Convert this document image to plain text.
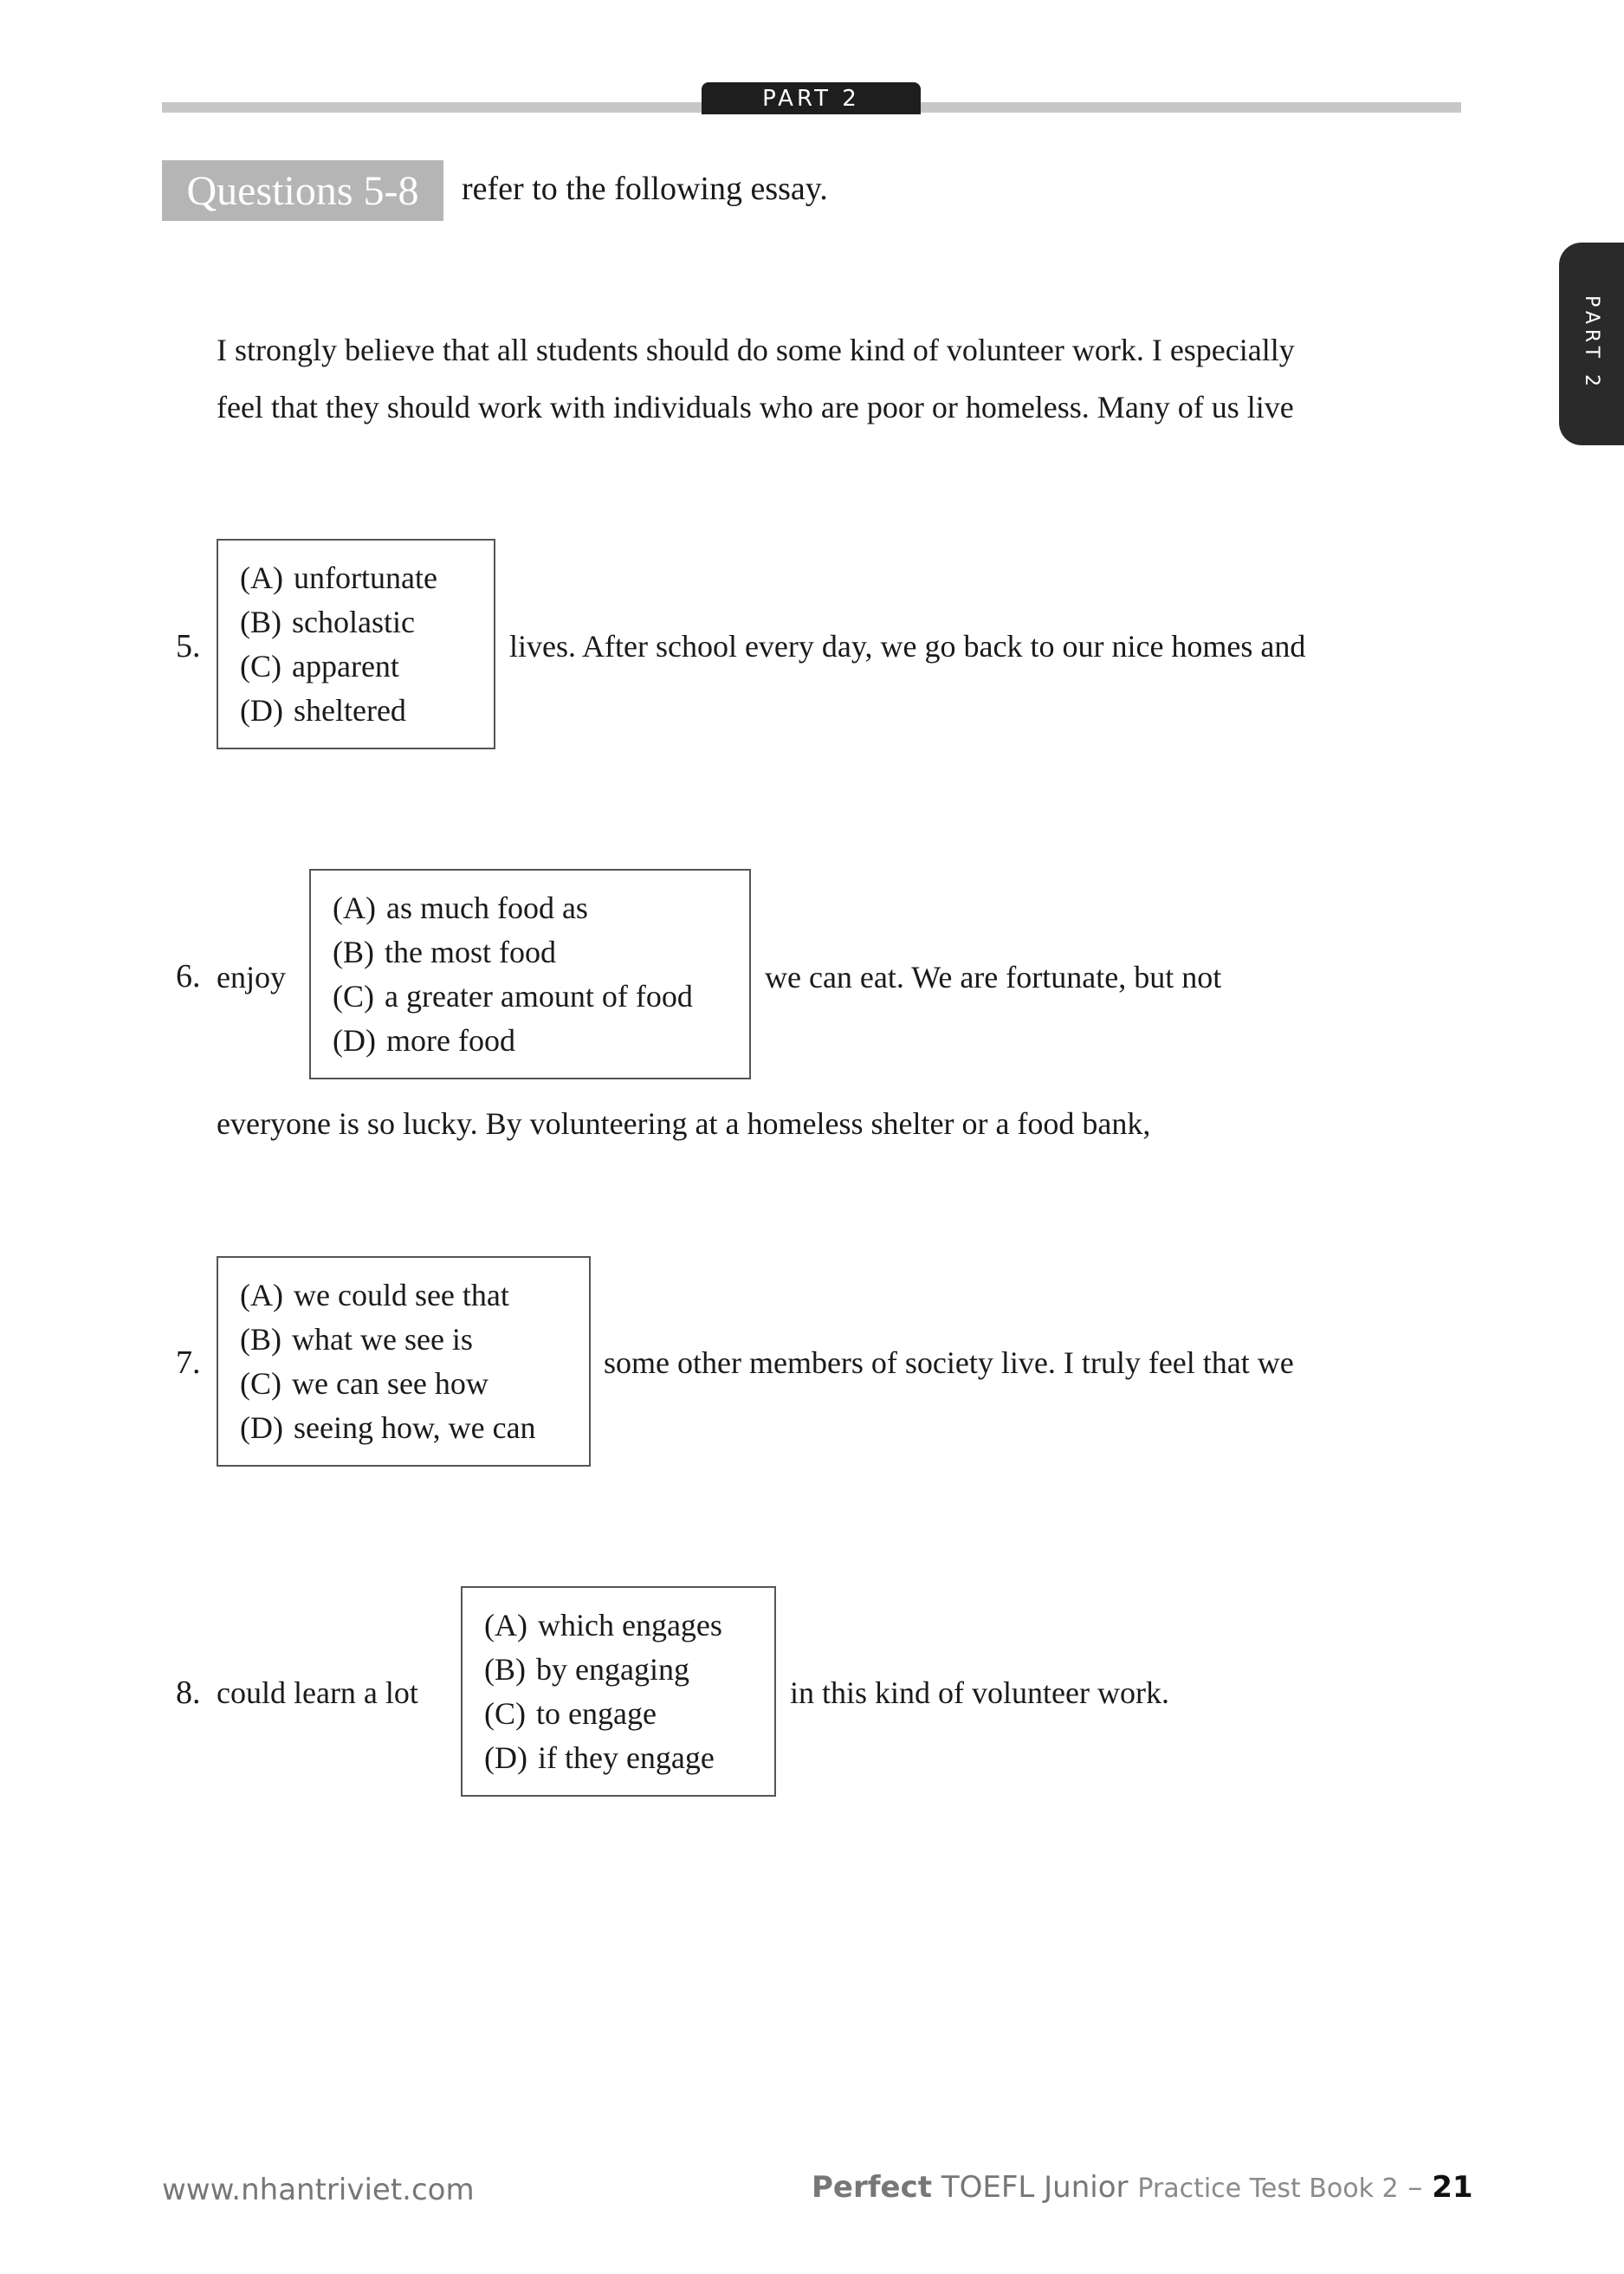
PART 2
PART 2
Questions 5-8	refer to the following essay.
I strongly believe that all students should do some kind of volunteer work. I especially
feel that they should work with individuals who are poor or homeless. Many of us live
5.
(A) unfortunate
(B) scholastic
(C) apparent
(D) sheltered
lives. After school every day, we go back to our nice homes and
6. enjoy
(A) as much food as
(B) the most food
(C) a greater amount of food
(D) more food
we can eat. We are fortunate, but not
everyone is so lucky. By volunteering at a homeless shelter or a food bank,
7.
(A) we could see that
(B) what we see is
(C) we can see how
(D) seeing how, we can
some other members of society live. I truly feel that we
8. could learn a lot
(A) which engages
(B) by engaging
(C) to engage
(D) if they engage
in this kind of volunteer work.
www.nhantriviet.com	Perfect TOEFL Junior Practice Test Book 2 – 21
